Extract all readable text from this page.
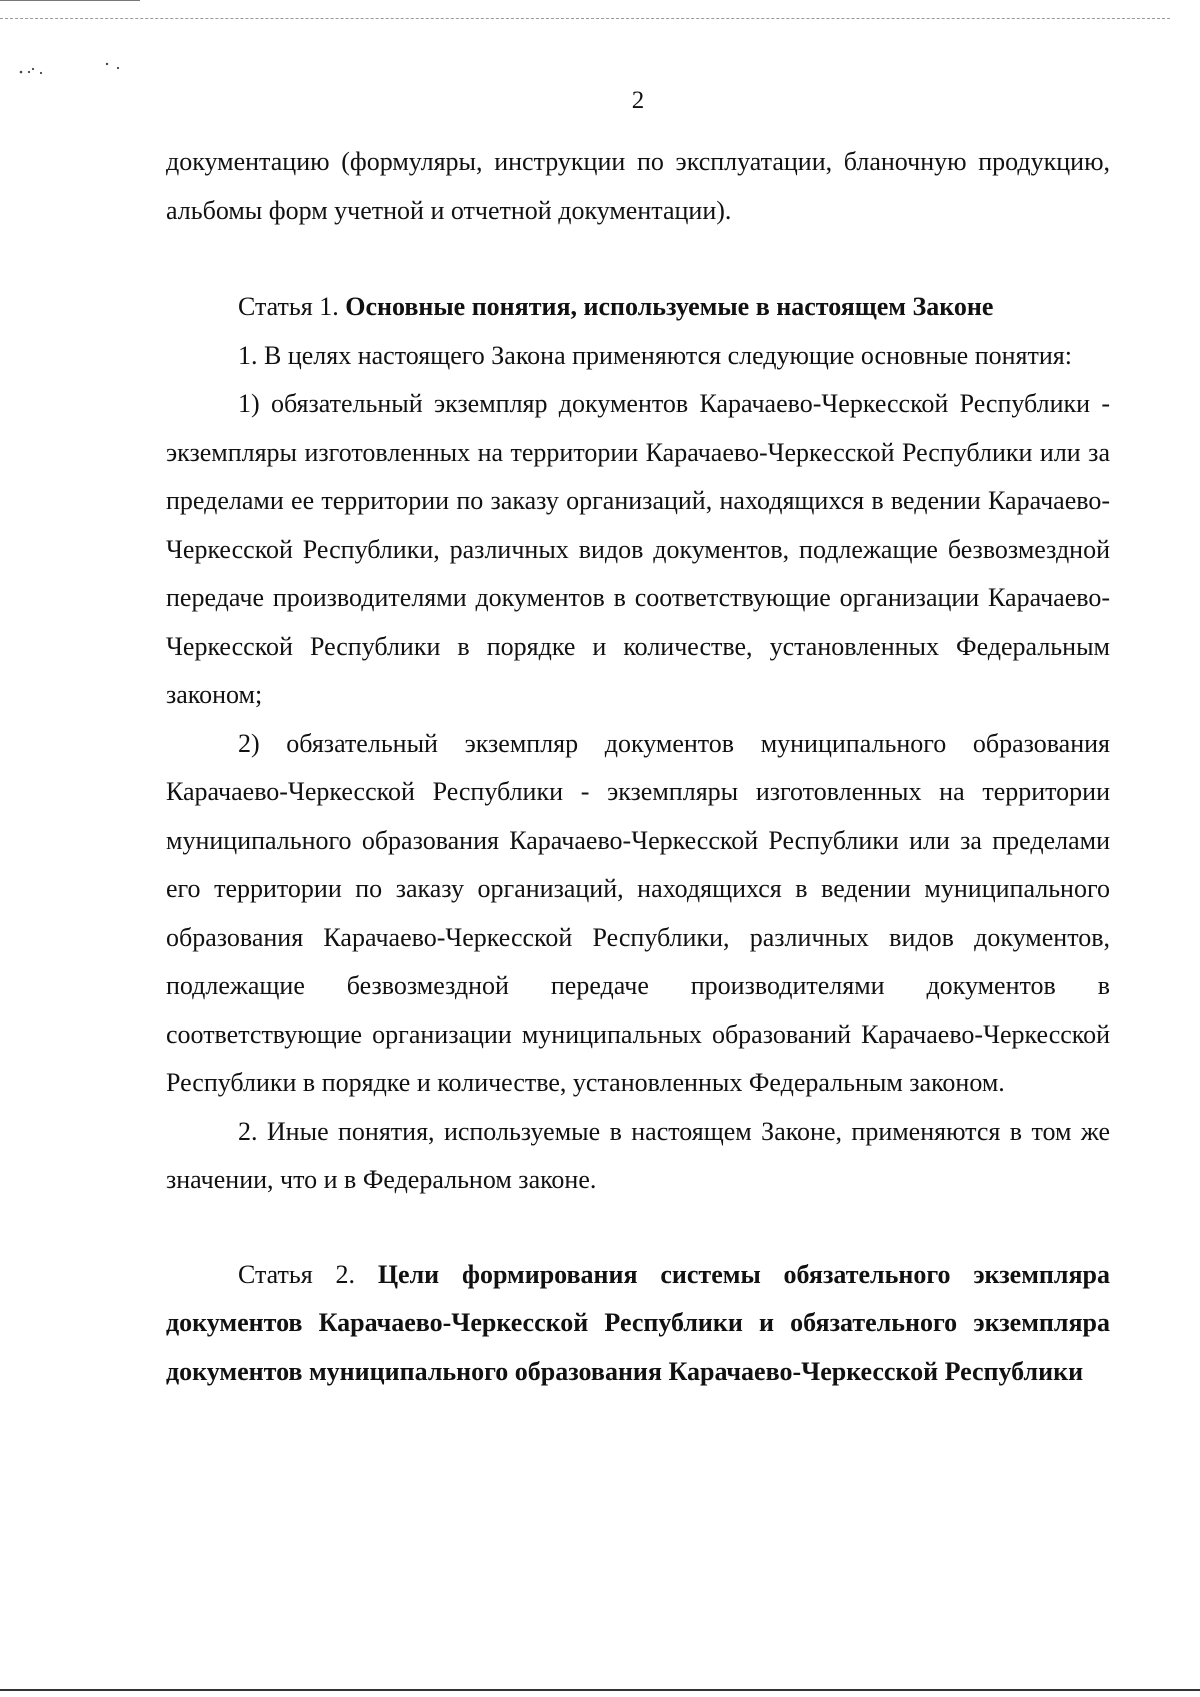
2

документацию (формуляры, инструкции по эксплуатации, бланочную продукцию, альбомы форм учетной и отчетной документации).

Статья 1. Основные понятия, используемые в настоящем Законе

1. В целях настоящего Закона применяются следующие основные понятия:

1) обязательный экземпляр документов Карачаево-Черкесской Республики - экземпляры изготовленных на территории Карачаево-Черкесской Республики или за пределами ее территории по заказу организаций, находящихся в ведении Карачаево-Черкесской Республики, различных видов документов, подлежащие безвозмездной передаче производителями документов в соответствующие организации Карачаево-Черкесской Республики в порядке и количестве, установленных Федеральным законом;

2) обязательный экземпляр документов муниципального образования Карачаево-Черкесской Республики - экземпляры изготовленных на территории муниципального образования Карачаево-Черкесской Республики или за пределами его территории по заказу организаций, находящихся в ведении муниципального образования Карачаево-Черкесской Республики, различных видов документов, подлежащие безвозмездной передаче производителями документов в соответствующие организации муниципальных образований Карачаево-Черкесской Республики в порядке и количестве, установленных Федеральным законом.

2. Иные понятия, используемые в настоящем Законе, применяются в том же значении, что и в Федеральном законе.

Статья 2. Цели формирования системы обязательного экземпляра документов Карачаево-Черкесской Республики и обязательного экземпляра документов муниципального образования Карачаево-Черкесской Республики
